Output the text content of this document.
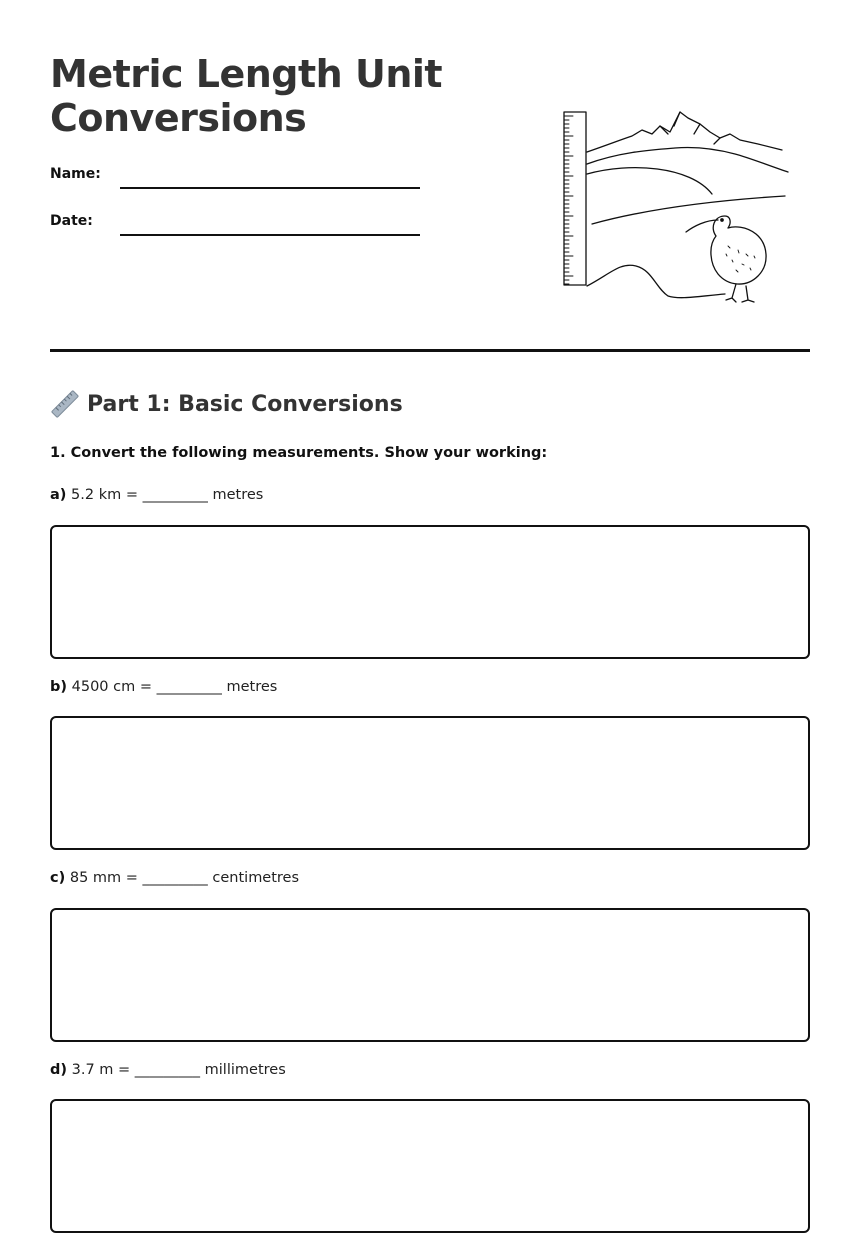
Metric Length Unit
Conversions
Name:
Date:
Part 1: Basic Conversions
1. Convert the following measurements. Show your working:
a) 5.2 km = _________ metres
b) 4500 cm = _________ metres
c) 85 mm = _________ centimetres
d) 3.7 m = _________ millimetres
